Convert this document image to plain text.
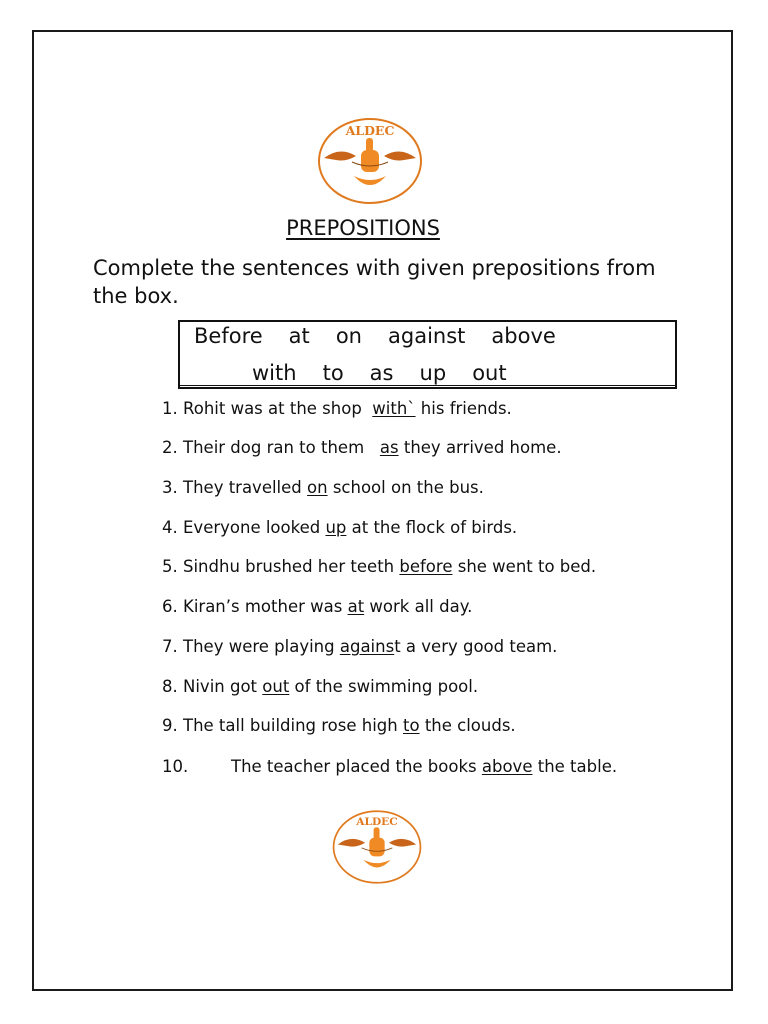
ALDEC
PREPOSITIONS
Complete the sentences with given prepositions from the box.
Before   at   on   against   above
with   to   as   up   out
1. Rohit was at the shop  with` his friends.
2. Their dog ran to them   as they arrived home.
3. They travelled on school on the bus.
4. Everyone looked up at the flock of birds.
5. Sindhu brushed her teeth before she went to bed.
6. Kiran’s mother was at work all day.
7. They were playing against a very good team.
8. Nivin got out of the swimming pool.
9. The tall building rose high to the clouds.
10.	The teacher placed the books above the table.
ALDEC
